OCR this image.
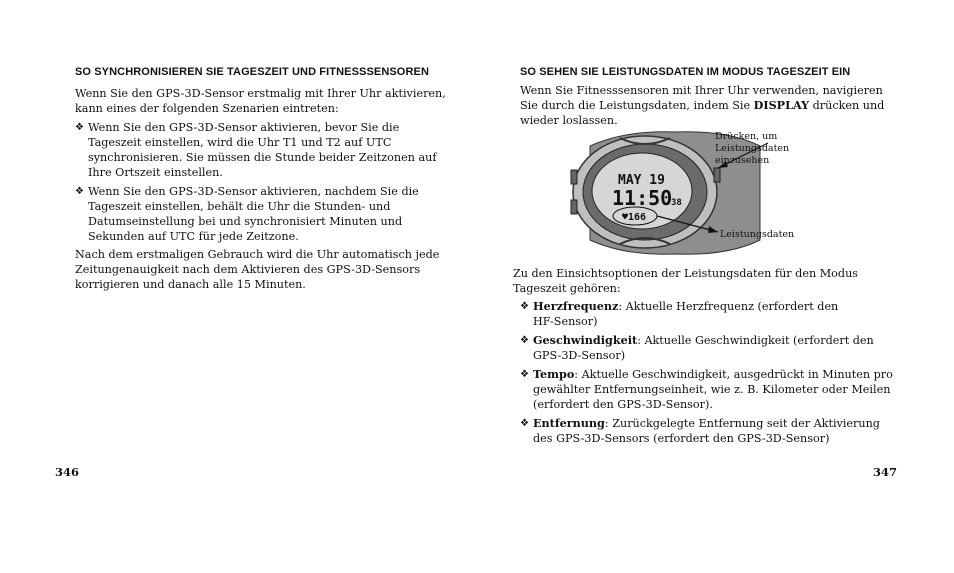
SO SYNCHRONISIEREN SIE TAGESZEIT UND FITNESSSENSOREN

Wenn Sie den GPS-3D-Sensor erstmalig mit Ihrer Uhr aktivieren,
kann eines der folgenden Szenarien eintreten:

❖ Wenn Sie den GPS-3D-Sensor aktivieren, bevor Sie die
Tageszeit einstellen, wird die Uhr T1 und T2 auf UTC
synchronisieren. Sie müssen die Stunde beider Zeitzonen auf
Ihre Ortszeit einstellen.
❖ Wenn Sie den GPS-3D-Sensor aktivieren, nachdem Sie die
Tageszeit einstellen, behält die Uhr die Stunden- und
Datumseinstellung bei und synchronisiert Minuten und
Sekunden auf UTC für jede Zeitzone.

Nach dem erstmaligen Gebrauch wird die Uhr automatisch jede
Zeitungenauigkeit nach dem Aktivieren des GPS-3D-Sensors
korrigieren und danach alle 15 Minuten.

346
SO SEHEN SIE LEISTUNGSDATEN IM MODUS TAGESZEIT EIN

Wenn Sie Fitnesssensoren mit Ihrer Uhr verwenden, navigieren
Sie durch die Leistungsdaten, indem Sie DISPLAY drücken und
wieder loslassen.

MAY 19
11:50
38
♥166
Drücken, um
Leistungsdaten
einzusehen
Leistungsdaten

Zu den Einsichtsoptionen der Leistungsdaten für den Modus
Tageszeit gehören:

❖ Herzfrequenz: Aktuelle Herzfrequenz (erfordert den
HF-Sensor)
❖ Geschwindigkeit: Aktuelle Geschwindigkeit (erfordert den
GPS-3D-Sensor)
❖ Tempo: Aktuelle Geschwindigkeit, ausgedrückt in Minuten pro
gewählter Entfernungseinheit, wie z. B. Kilometer oder Meilen
(erfordert den GPS-3D-Sensor).
❖ Entfernung: Zurückgelegte Entfernung seit der Aktivierung
des GPS-3D-Sensors (erfordert den GPS-3D-Sensor)
347
